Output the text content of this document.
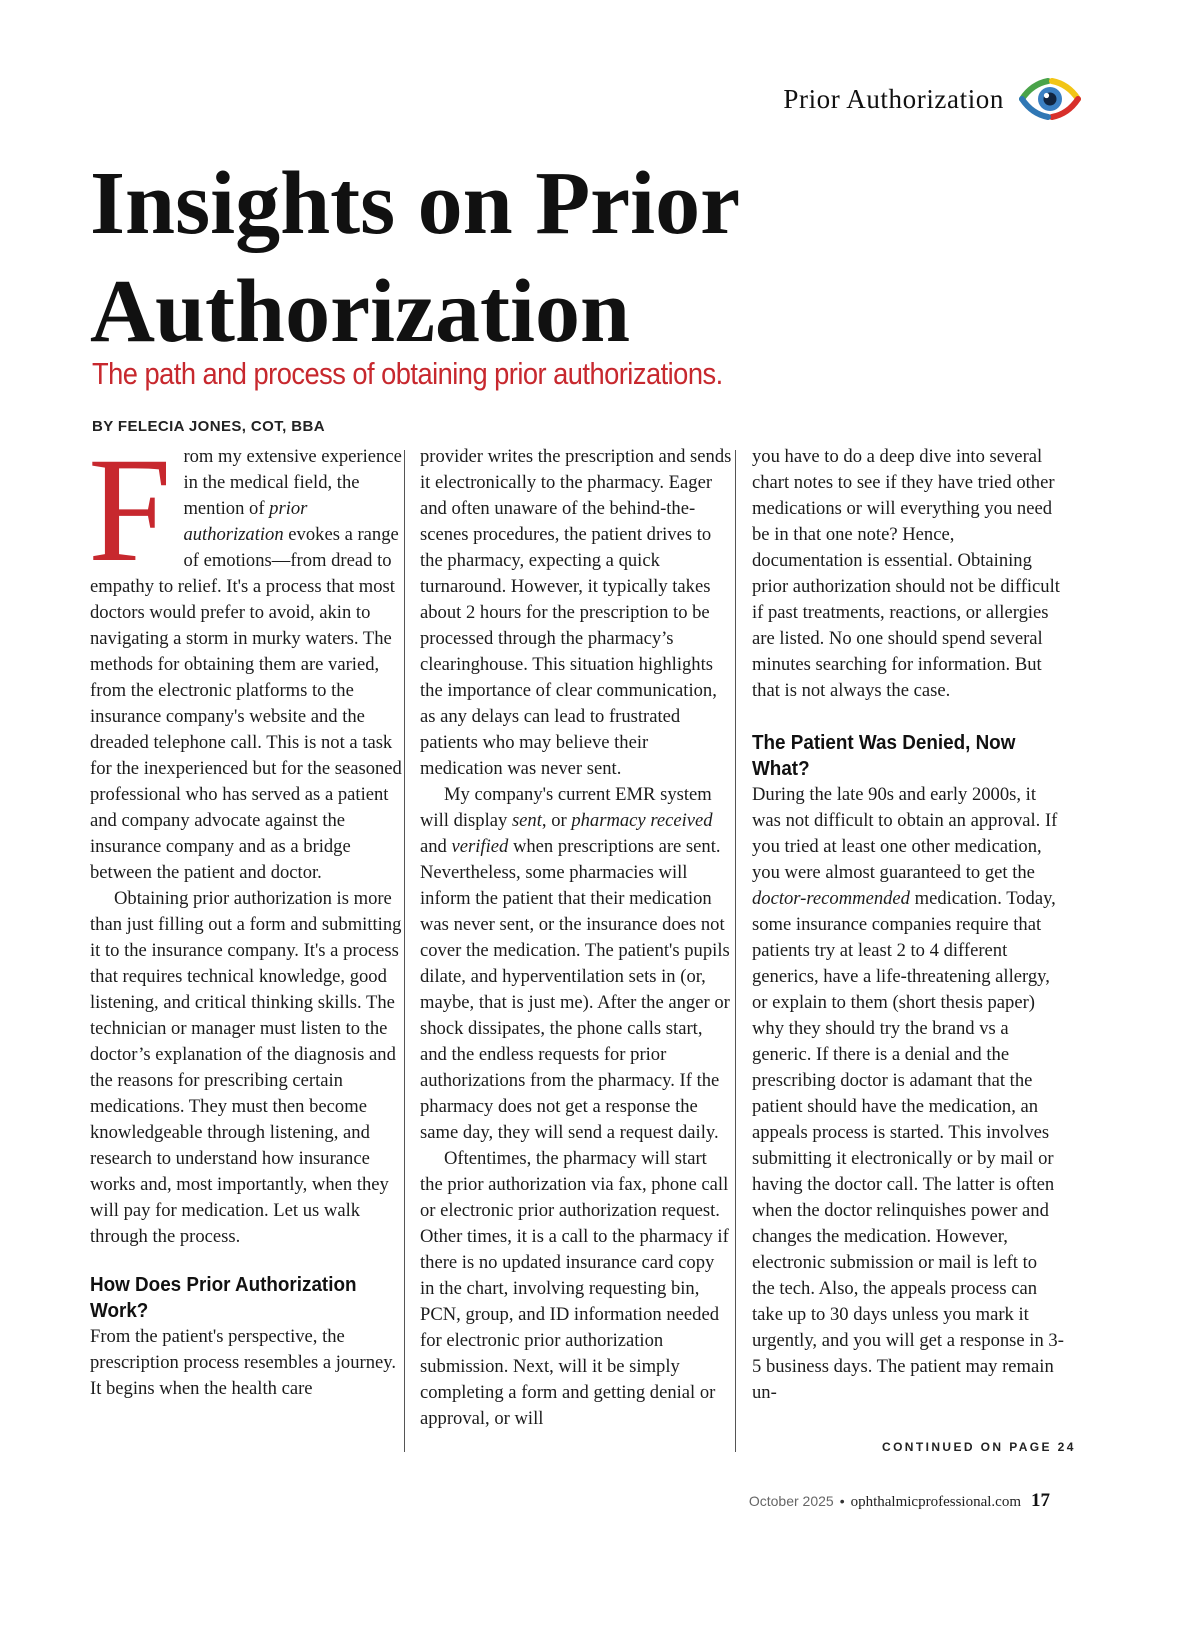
Prior Authorization
Insights on Prior Authorization

The path and process of obtaining prior authorizations.

BY FELECIA JONES, COT, BBA

From my extensive experience in the medical field, the mention of prior authorization evokes a range of emotions—from dread to empathy to relief. It's a process that most doctors would prefer to avoid, akin to navigating a storm in murky waters. The methods for obtaining them are varied, from the electronic platforms to the insurance company's website and the dreaded telephone call. This is not a task for the inexperienced but for the seasoned professional who has served as a patient and company advocate against the insurance company and as a bridge between the patient and doctor.

Obtaining prior authorization is more than just filling out a form and submitting it to the insurance company. It's a process that requires technical knowledge, good listening, and critical thinking skills. The technician or manager must listen to the doctor’s explanation of the diagnosis and the reasons for prescribing certain medications. They must then become knowledgeable through listening, and research to understand how insurance works and, most importantly, when they will pay for medication. Let us walk through the process.

How Does Prior Authorization Work?

From the patient's perspective, the prescription process resembles a journey. It begins when the health care

provider writes the prescription and sends it electronically to the pharmacy. Eager and often unaware of the behind-the-scenes procedures, the patient drives to the pharmacy, expecting a quick turnaround. However, it typically takes about 2 hours for the prescription to be processed through the pharmacy’s clearinghouse. This situation highlights the importance of clear communication, as any delays can lead to frustrated patients who may believe their medication was never sent.

My company's current EMR system will display sent, or pharmacy received and verified when prescriptions are sent. Nevertheless, some pharmacies will inform the patient that their medication was never sent, or the insurance does not cover the medication. The patient's pupils dilate, and hyperventilation sets in (or, maybe, that is just me). After the anger or shock dissipates, the phone calls start, and the endless requests for prior authorizations from the pharmacy. If the pharmacy does not get a response the same day, they will send a request daily.

Oftentimes, the pharmacy will start the prior authorization via fax, phone call or electronic prior authorization request. Other times, it is a call to the pharmacy if there is no updated insurance card copy in the chart, involving requesting bin, PCN, group, and ID information needed for electronic prior authorization submission. Next, will it be simply completing a form and getting denial or approval, or will

you have to do a deep dive into several chart notes to see if they have tried other medications or will everything you need be in that one note? Hence, documentation is essential. Obtaining prior authorization should not be difficult if past treatments, reactions, or allergies are listed. No one should spend several minutes searching for information. But that is not always the case.

The Patient Was Denied, Now What?

During the late 90s and early 2000s, it was not difficult to obtain an approval. If you tried at least one other medication, you were almost guaranteed to get the doctor-recommended medication. Today, some insurance companies require that patients try at least 2 to 4 different generics, have a life-threatening allergy, or explain to them (short thesis paper) why they should try the brand vs a generic. If there is a denial and the prescribing doctor is adamant that the patient should have the medication, an appeals process is started. This involves submitting it electronically or by mail or having the doctor call. The latter is often when the doctor relinquishes power and changes the medication. However, electronic submission or mail is left to the tech. Also, the appeals process can take up to 30 days unless you mark it urgently, and you will get a response in 3-5 business days. The patient may remain un-

CONTINUED ON PAGE 24
October 2025 • ophthalmicprofessional.com 17
